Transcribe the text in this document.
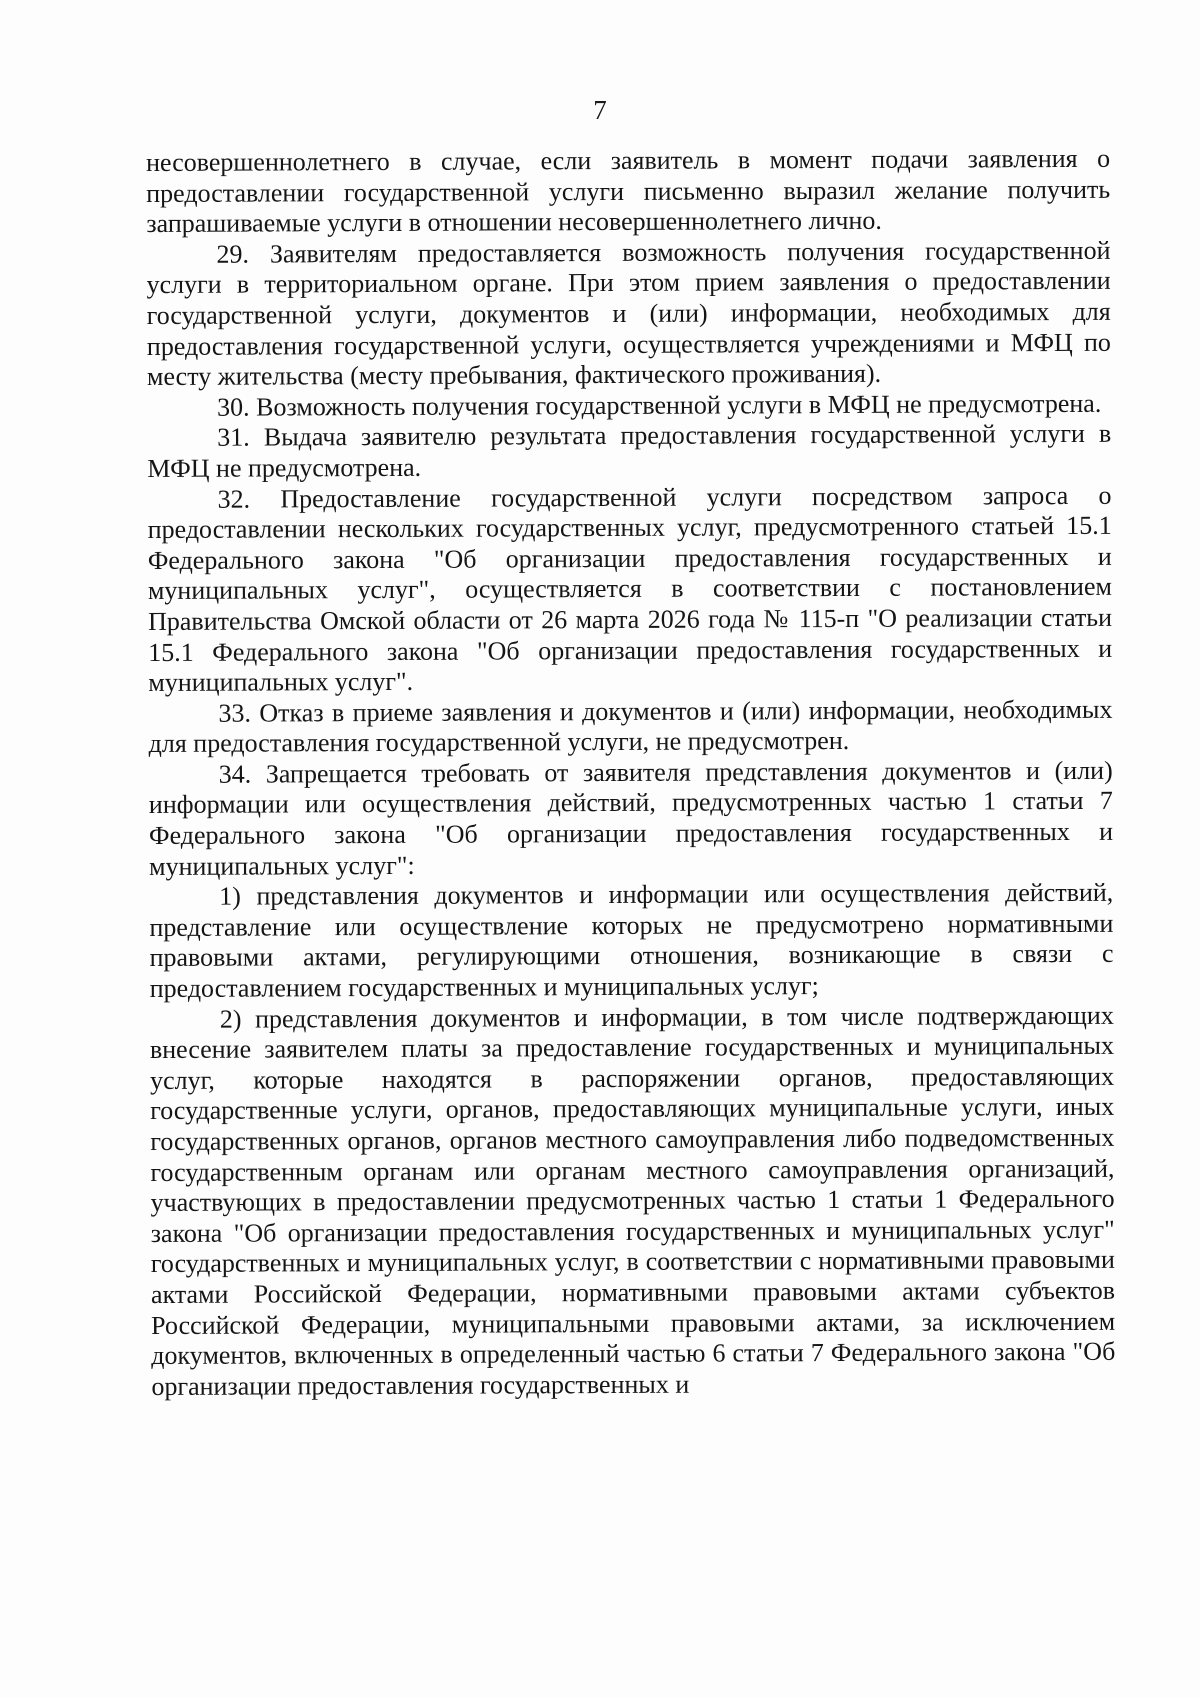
7

несовершеннолетнего в случае, если заявитель в момент подачи заявления о предоставлении государственной услуги письменно выразил желание получить запрашиваемые услуги в отношении несовершеннолетнего лично.

29. Заявителям предоставляется возможность получения государственной услуги в территориальном органе. При этом прием заявления о предоставлении государственной услуги, документов и (или) информации, необходимых для предоставления государственной услуги, осуществляется учреждениями и МФЦ по месту жительства (месту пребывания, фактического проживания).

30. Возможность получения государственной услуги в МФЦ не предусмотрена.

31. Выдача заявителю результата предоставления государственной услуги в МФЦ не предусмотрена.

32. Предоставление государственной услуги посредством запроса о предоставлении нескольких государственных услуг, предусмотренного статьей 15.1 Федерального закона "Об организации предоставления государственных и муниципальных услуг", осуществляется в соответствии с постановлением Правительства Омской области от 26 марта 2026 года № 115-п "О реализации статьи 15.1 Федерального закона "Об организации предоставления государственных и муниципальных услуг".

33. Отказ в приеме заявления и документов и (или) информации, необходимых для предоставления государственной услуги, не предусмотрен.

34. Запрещается требовать от заявителя представления документов и (или) информации или осуществления действий, предусмотренных частью 1 статьи 7 Федерального закона "Об организации предоставления государственных и муниципальных услуг":

1) представления документов и информации или осуществления действий, представление или осуществление которых не предусмотрено нормативными правовыми актами, регулирующими отношения, возникающие в связи с предоставлением государственных и муниципальных услуг;

2) представления документов и информации, в том числе подтверждающих внесение заявителем платы за предоставление государственных и муниципальных услуг, которые находятся в распоряжении органов, предоставляющих государственные услуги, органов, предоставляющих муниципальные услуги, иных государственных органов, органов местного самоуправления либо подведомственных государственным органам или органам местного самоуправления организаций, участвующих в предоставлении предусмотренных частью 1 статьи 1 Федерального закона "Об организации предоставления государственных и муниципальных услуг" государственных и муниципальных услуг, в соответствии с нормативными правовыми актами Российской Федерации, нормативными правовыми актами субъектов Российской Федерации, муниципальными правовыми актами, за исключением документов, включенных в определенный частью 6 статьи 7 Федерального закона "Об организации предоставления государственных и
